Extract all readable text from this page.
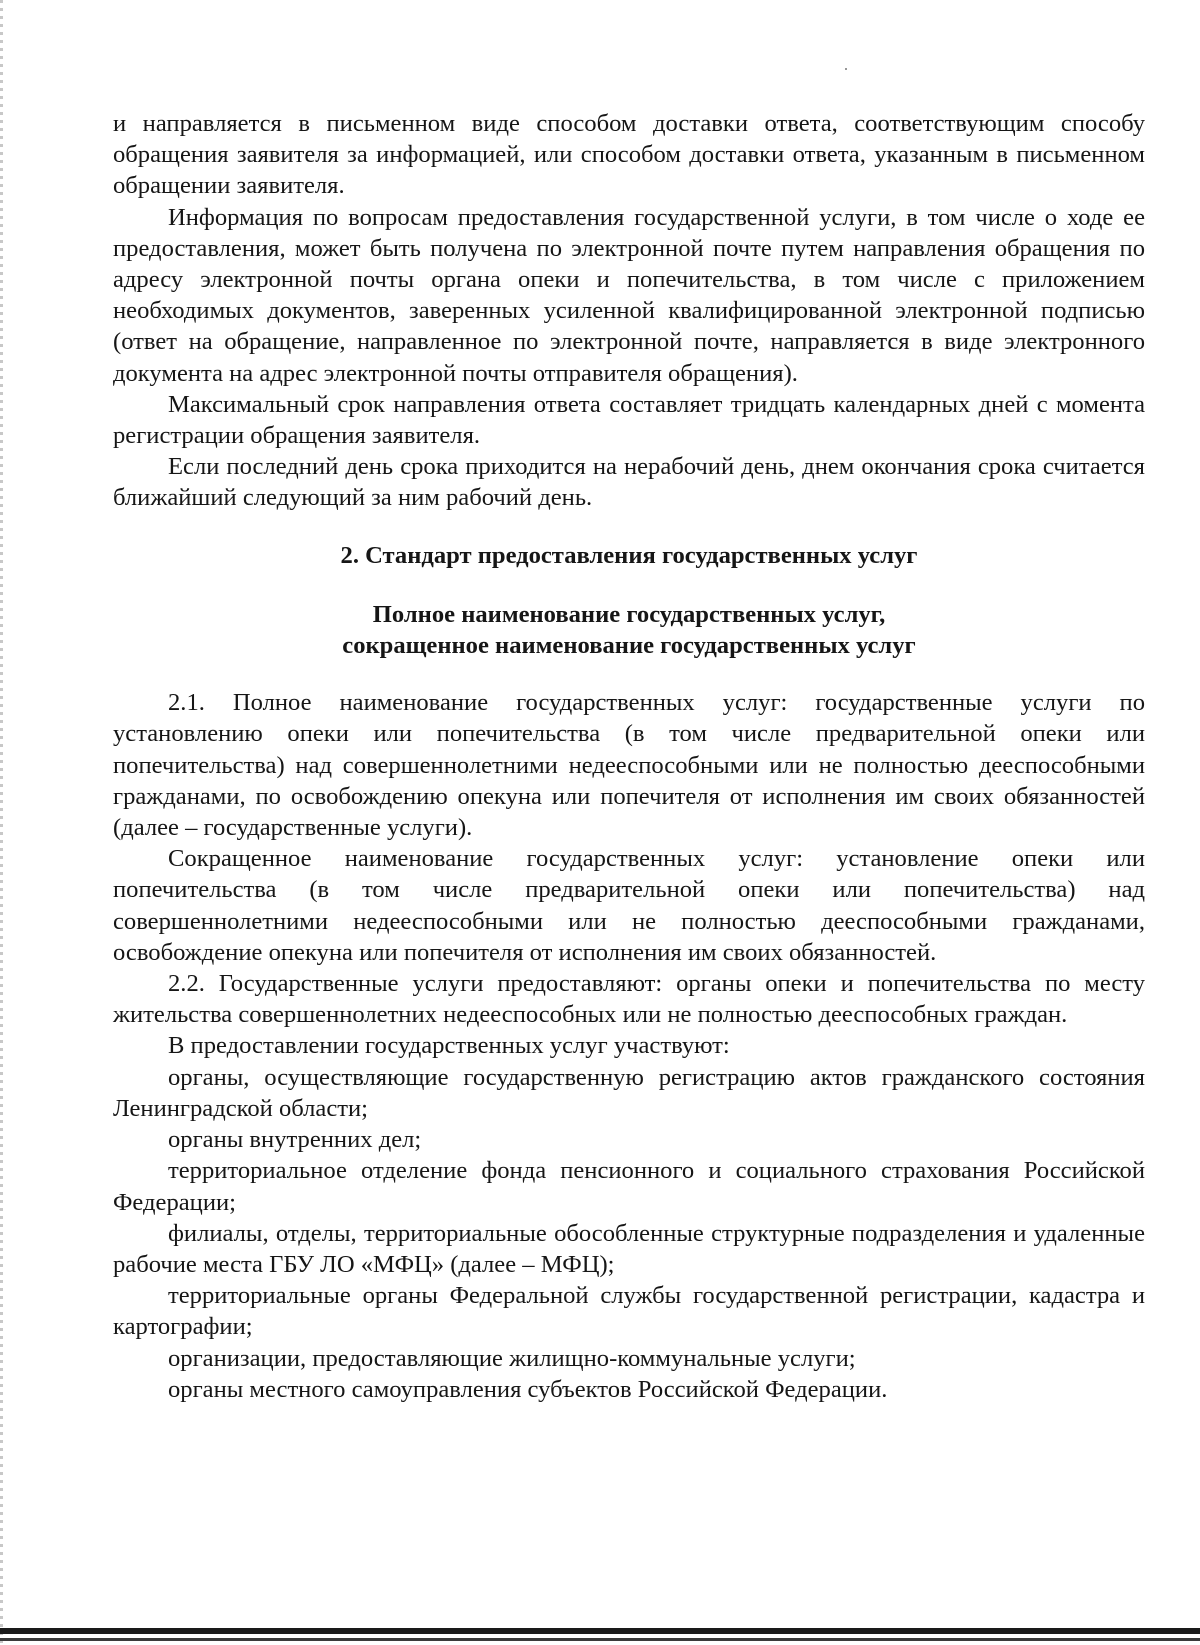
и направляется в письменном виде способом доставки ответа, соответствующим способу обращения заявителя за информацией, или способом доставки ответа, указанным в письменном обращении заявителя.

Информация по вопросам предоставления государственной услуги, в том числе о ходе ее предоставления, может быть получена по электронной почте путем направления обращения по адресу электронной почты органа опеки и попечительства, в том числе с приложением необходимых документов, заверенных усиленной квалифицированной электронной подписью (ответ на обращение, направленное по электронной почте, направляется в виде электронного документа на адрес электронной почты отправителя обращения).

Максимальный срок направления ответа составляет тридцать календарных дней с момента регистрации обращения заявителя.

Если последний день срока приходится на нерабочий день, днем окончания срока считается ближайший следующий за ним рабочий день.

2. Стандарт предоставления государственных услуг
Полное наименование государственных услуг,
сокращенное наименование государственных услуг

2.1. Полное наименование государственных услуг: государственные услуги по установлению опеки или попечительства (в том числе предварительной опеки или попечительства) над совершеннолетними недееспособными или не полностью дееспособными гражданами, по освобождению опекуна или попечителя от исполнения им своих обязанностей (далее – государственные услуги).

Сокращенное наименование государственных услуг: установление опеки или попечительства (в том числе предварительной опеки или попечительства) над совершеннолетними недееспособными или не полностью дееспособными гражданами, освобождение опекуна или попечителя от исполнения им своих обязанностей.

2.2. Государственные услуги предоставляют: органы опеки и попечительства по месту жительства совершеннолетних недееспособных или не полностью дееспособных граждан.

В предоставлении государственных услуг участвуют:

органы, осуществляющие государственную регистрацию актов гражданского состояния Ленинградской области;

органы внутренних дел;

территориальное отделение фонда пенсионного и социального страхования Российской Федерации;

филиалы, отделы, территориальные обособленные структурные подразделения и удаленные рабочие места ГБУ ЛО «МФЦ» (далее – МФЦ);

территориальные органы Федеральной службы государственной регистрации, кадастра и картографии;

организации, предоставляющие жилищно-коммунальные услуги;

органы местного самоуправления субъектов Российской Федерации.
